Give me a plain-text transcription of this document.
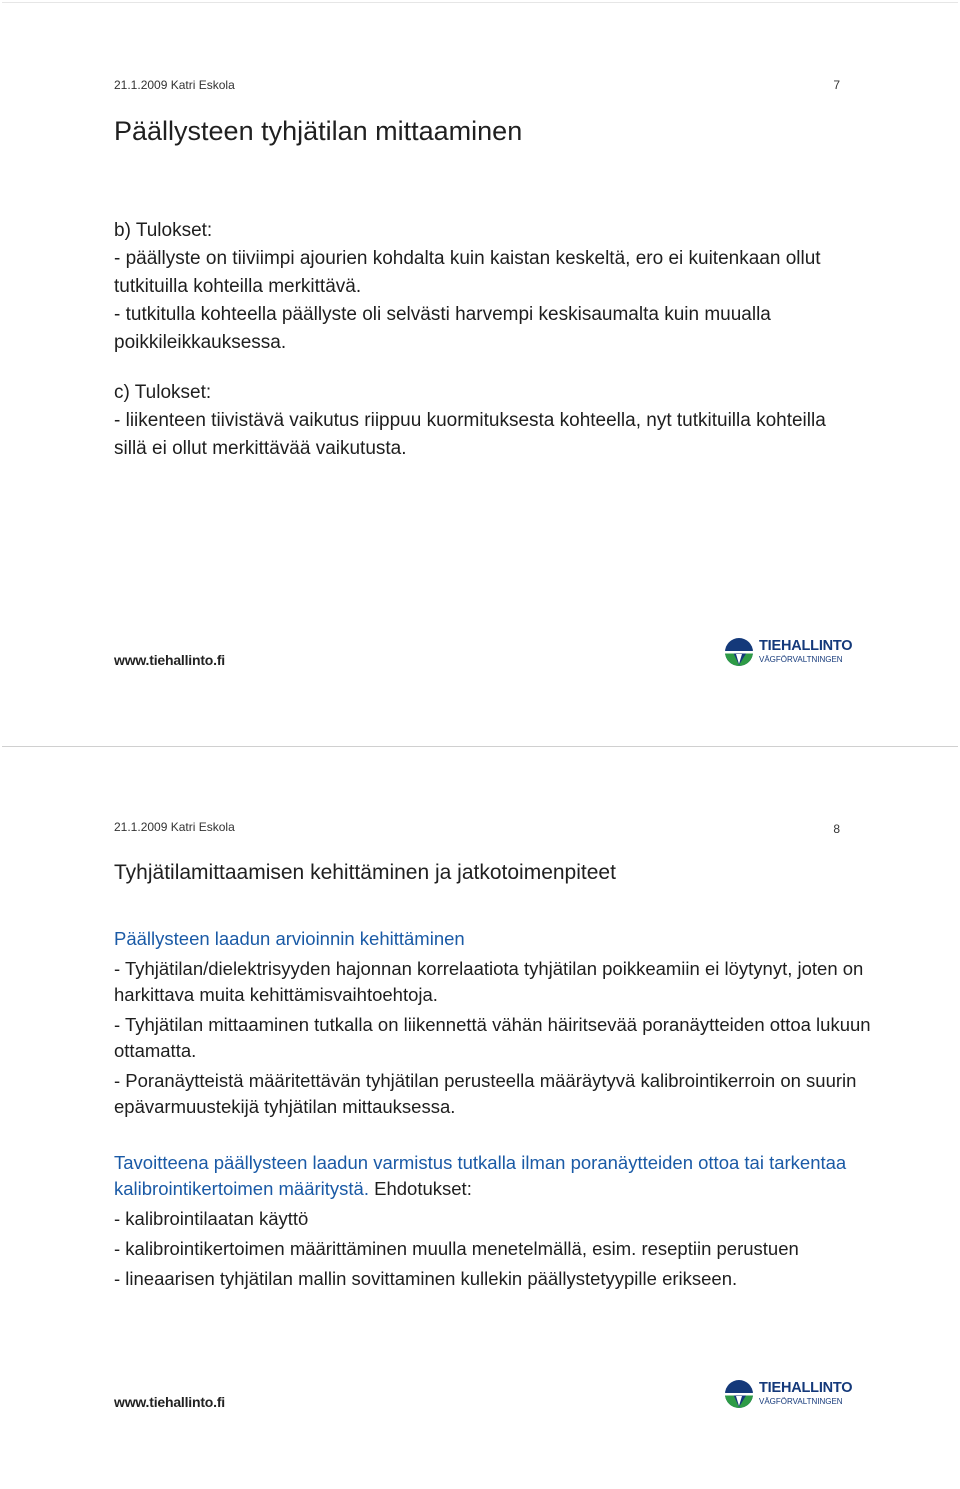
21.1.2009 Katri Eskola	7
Päällysteen tyhjätilan mittaaminen

b) Tulokset:

- päällyste on tiiviimpi ajourien kohdalta kuin kaistan keskeltä, ero ei kuitenkaan ollut tutkituilla kohteilla merkittävä.

- tutkitulla kohteella päällyste oli selvästi harvempi keskisaumalta kuin muualla poikkileikkauksessa.

c) Tulokset:

- liikenteen tiivistävä vaikutus riippuu kuormituksesta kohteella, nyt tutkituilla kohteilla sillä ei ollut merkittävää vaikutusta.

www.tiehallinto.fi
TIEHALLINTO
VÄGFÖRVALTNINGEN
21.1.2009 Katri Eskola	8
Tyhjätilamittaamisen kehittäminen ja jatkotoimenpiteet

Päällysteen laadun arvioinnin kehittäminen

- Tyhjätilan/dielektrisyyden hajonnan korrelaatiota tyhjätilan poikkeamiin ei löytynyt, joten on harkittava muita kehittämisvaihtoehtoja.

- Tyhjätilan mittaaminen tutkalla on liikennettä vähän häiritsevää poranäytteiden ottoa lukuun ottamatta.

- Poranäytteistä määritettävän tyhjätilan perusteella määräytyvä kalibrointikerroin on suurin epävarmuustekijä tyhjätilan mittauksessa.

Tavoitteena päällysteen laadun varmistus tutkalla ilman poranäytteiden ottoa tai tarkentaa kalibrointikertoimen määritystä. Ehdotukset:

- kalibrointilaatan käyttö

- kalibrointikertoimen määrittäminen muulla menetelmällä, esim. reseptiin perustuen

- lineaarisen tyhjätilan mallin sovittaminen kullekin päällystetyypille erikseen.

www.tiehallinto.fi
TIEHALLINTO
VÄGFÖRVALTNINGEN
